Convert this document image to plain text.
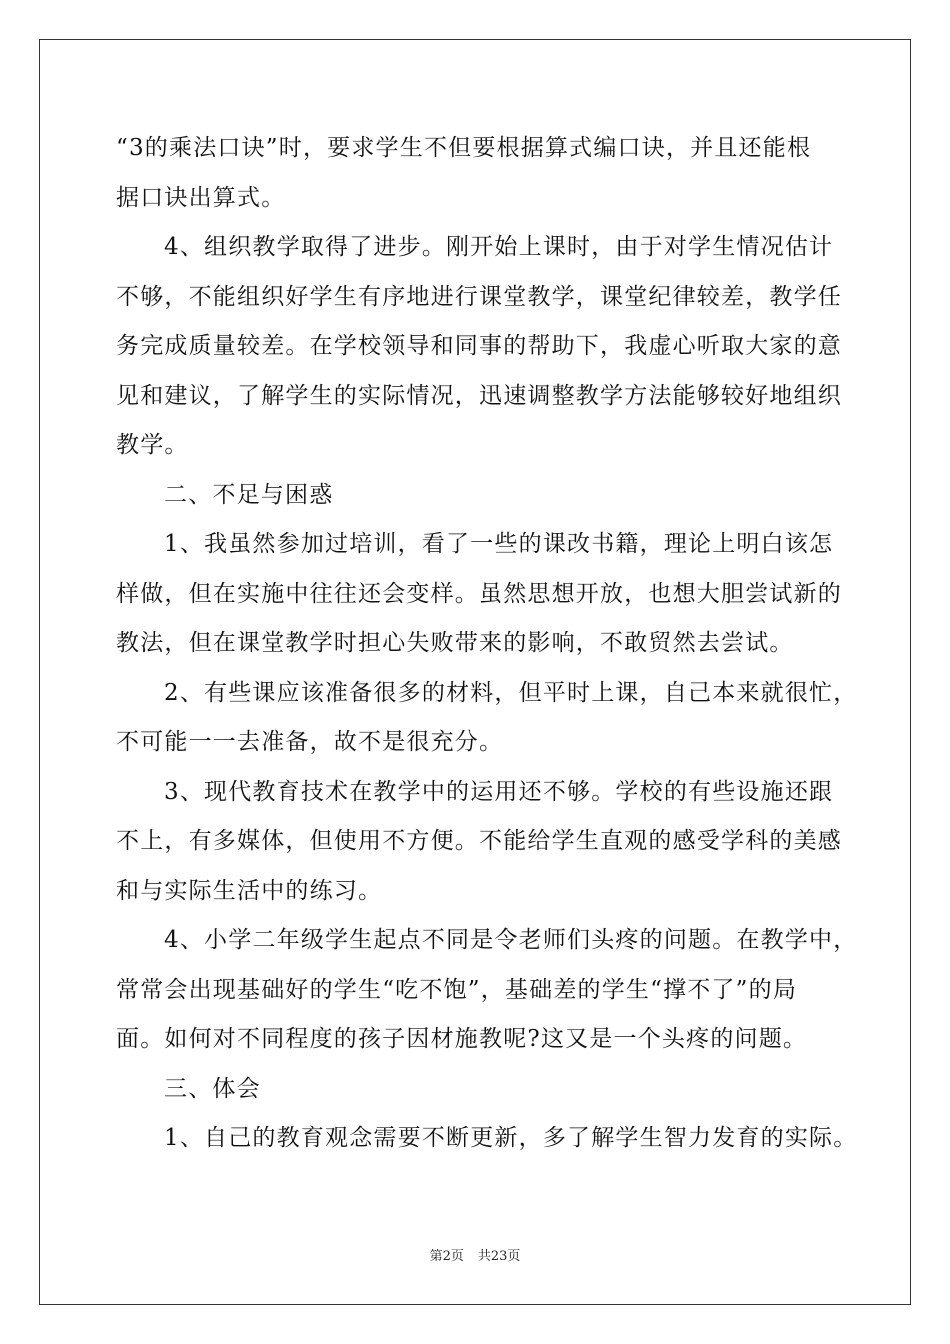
“3的乘法口诀”时，要求学生不但要根据算式编口诀，并且还能根
据口诀出算式。
4、组织教学取得了进步。刚开始上课时，由于对学生情况估计
不够，不能组织好学生有序地进行课堂教学，课堂纪律较差，教学任
务完成质量较差。在学校领导和同事的帮助下，我虚心听取大家的意
见和建议，了解学生的实际情况，迅速调整教学方法能够较好地组织
教学。
二、不足与困惑
1、我虽然参加过培训，看了一些的课改书籍，理论上明白该怎
样做，但在实施中往往还会变样。虽然思想开放，也想大胆尝试新的
教法，但在课堂教学时担心失败带来的影响，不敢贸然去尝试。
2、有些课应该准备很多的材料，但平时上课，自己本来就很忙，
不可能一一去准备，故不是很充分。
3、现代教育技术在教学中的运用还不够。学校的有些设施还跟
不上，有多媒体，但使用不方便。不能给学生直观的感受学科的美感
和与实际生活中的练习。
4、小学二年级学生起点不同是令老师们头疼的问题。在教学中，
常常会出现基础好的学生“吃不饱”，基础差的学生“撑不了”的局
面。如何对不同程度的孩子因材施教呢?这又是一个头疼的问题。
三、体会
1、自己的教育观念需要不断更新，多了解学生智力发育的实际。
第2页 共23页
